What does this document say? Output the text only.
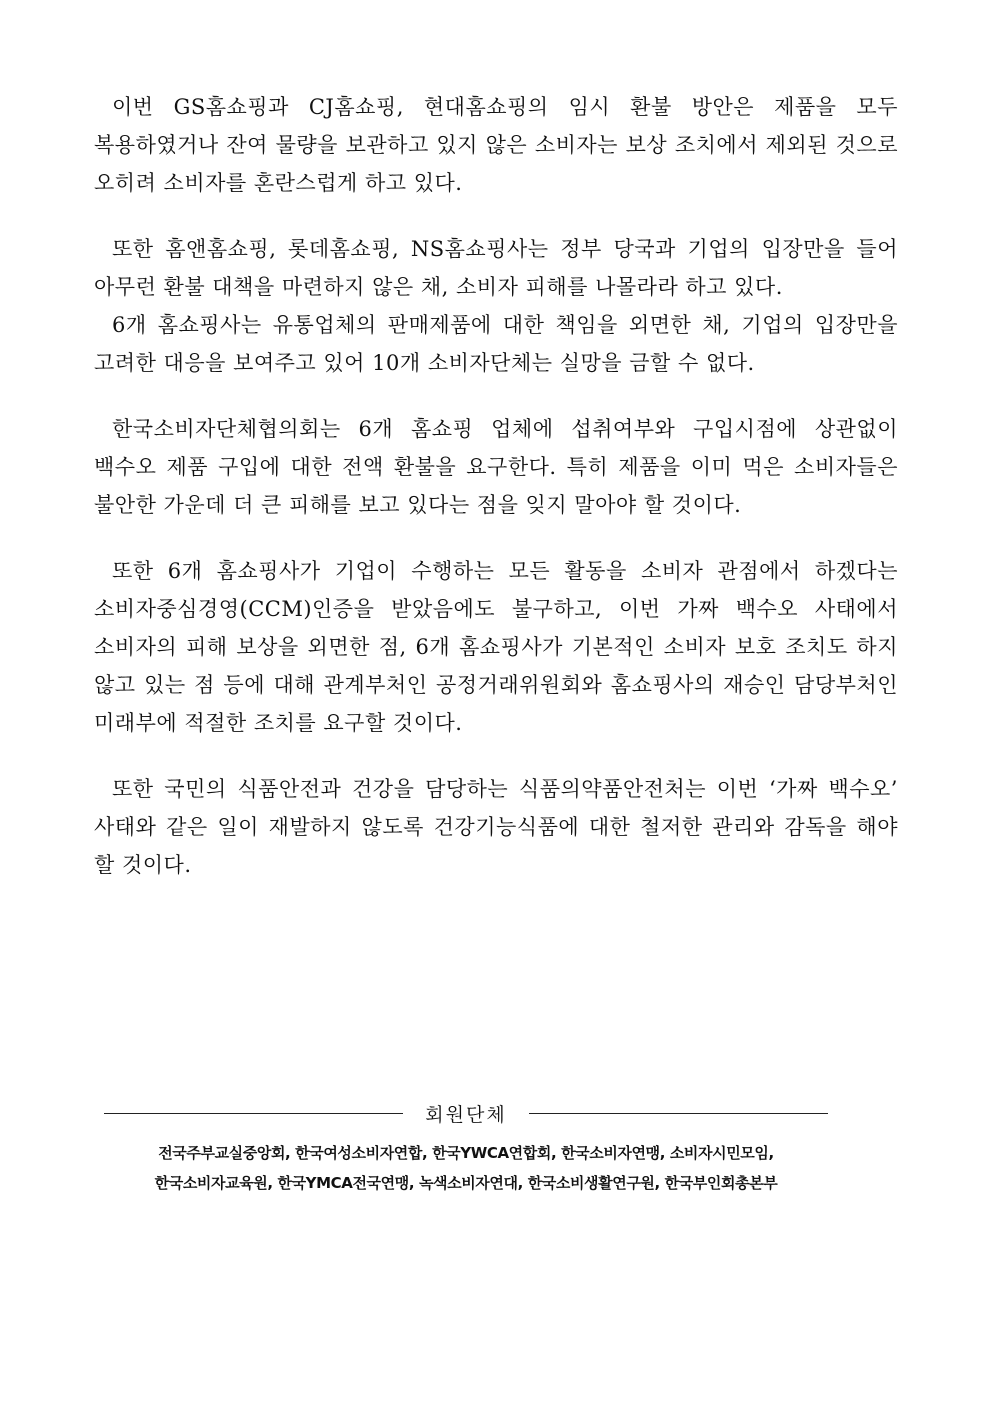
이번 GS홈쇼핑과 CJ홈쇼핑, 현대홈쇼핑의 임시 환불 방안은 제품을 모두 복용하였거나 잔여 물량을 보관하고 있지 않은 소비자는 보상 조치에서 제외된 것으로 오히려 소비자를 혼란스럽게 하고 있다.

또한 홈앤홈쇼핑, 롯데홈쇼핑, NS홈쇼핑사는 정부 당국과 기업의 입장만을 들어 아무런 환불 대책을 마련하지 않은 채, 소비자 피해를 나몰라라 하고 있다.

6개 홈쇼핑사는 유통업체의 판매제품에 대한 책임을 외면한 채, 기업의 입장만을 고려한 대응을 보여주고 있어 10개 소비자단체는 실망을 금할 수 없다.

한국소비자단체협의회는 6개 홈쇼핑 업체에 섭취여부와 구입시점에 상관없이 백수오 제품 구입에 대한 전액 환불을 요구한다. 특히 제품을 이미 먹은 소비자들은 불안한 가운데 더 큰 피해를 보고 있다는 점을 잊지 말아야 할 것이다.

또한 6개 홈쇼핑사가 기업이 수행하는 모든 활동을 소비자 관점에서 하겠다는 소비자중심경영(CCM)인증을 받았음에도 불구하고, 이번 가짜 백수오 사태에서 소비자의 피해 보상을 외면한 점, 6개 홈쇼핑사가 기본적인 소비자 보호 조치도 하지 않고 있는 점 등에 대해 관계부처인 공정거래위원회와 홈쇼핑사의 재승인 담당부처인 미래부에 적절한 조치를 요구할 것이다.

또한 국민의 식품안전과 건강을 담당하는 식품의약품안전처는 이번 ‘가짜 백수오’ 사태와 같은 일이 재발하지 않도록 건강기능식품에 대한 철저한 관리와 감독을 해야 할 것이다.

회원단체
전국주부교실중앙회, 한국여성소비자연합, 한국YWCA연합회, 한국소비자연맹, 소비자시민모임,
한국소비자교육원, 한국YMCA전국연맹, 녹색소비자연대, 한국소비생활연구원, 한국부인회총본부
